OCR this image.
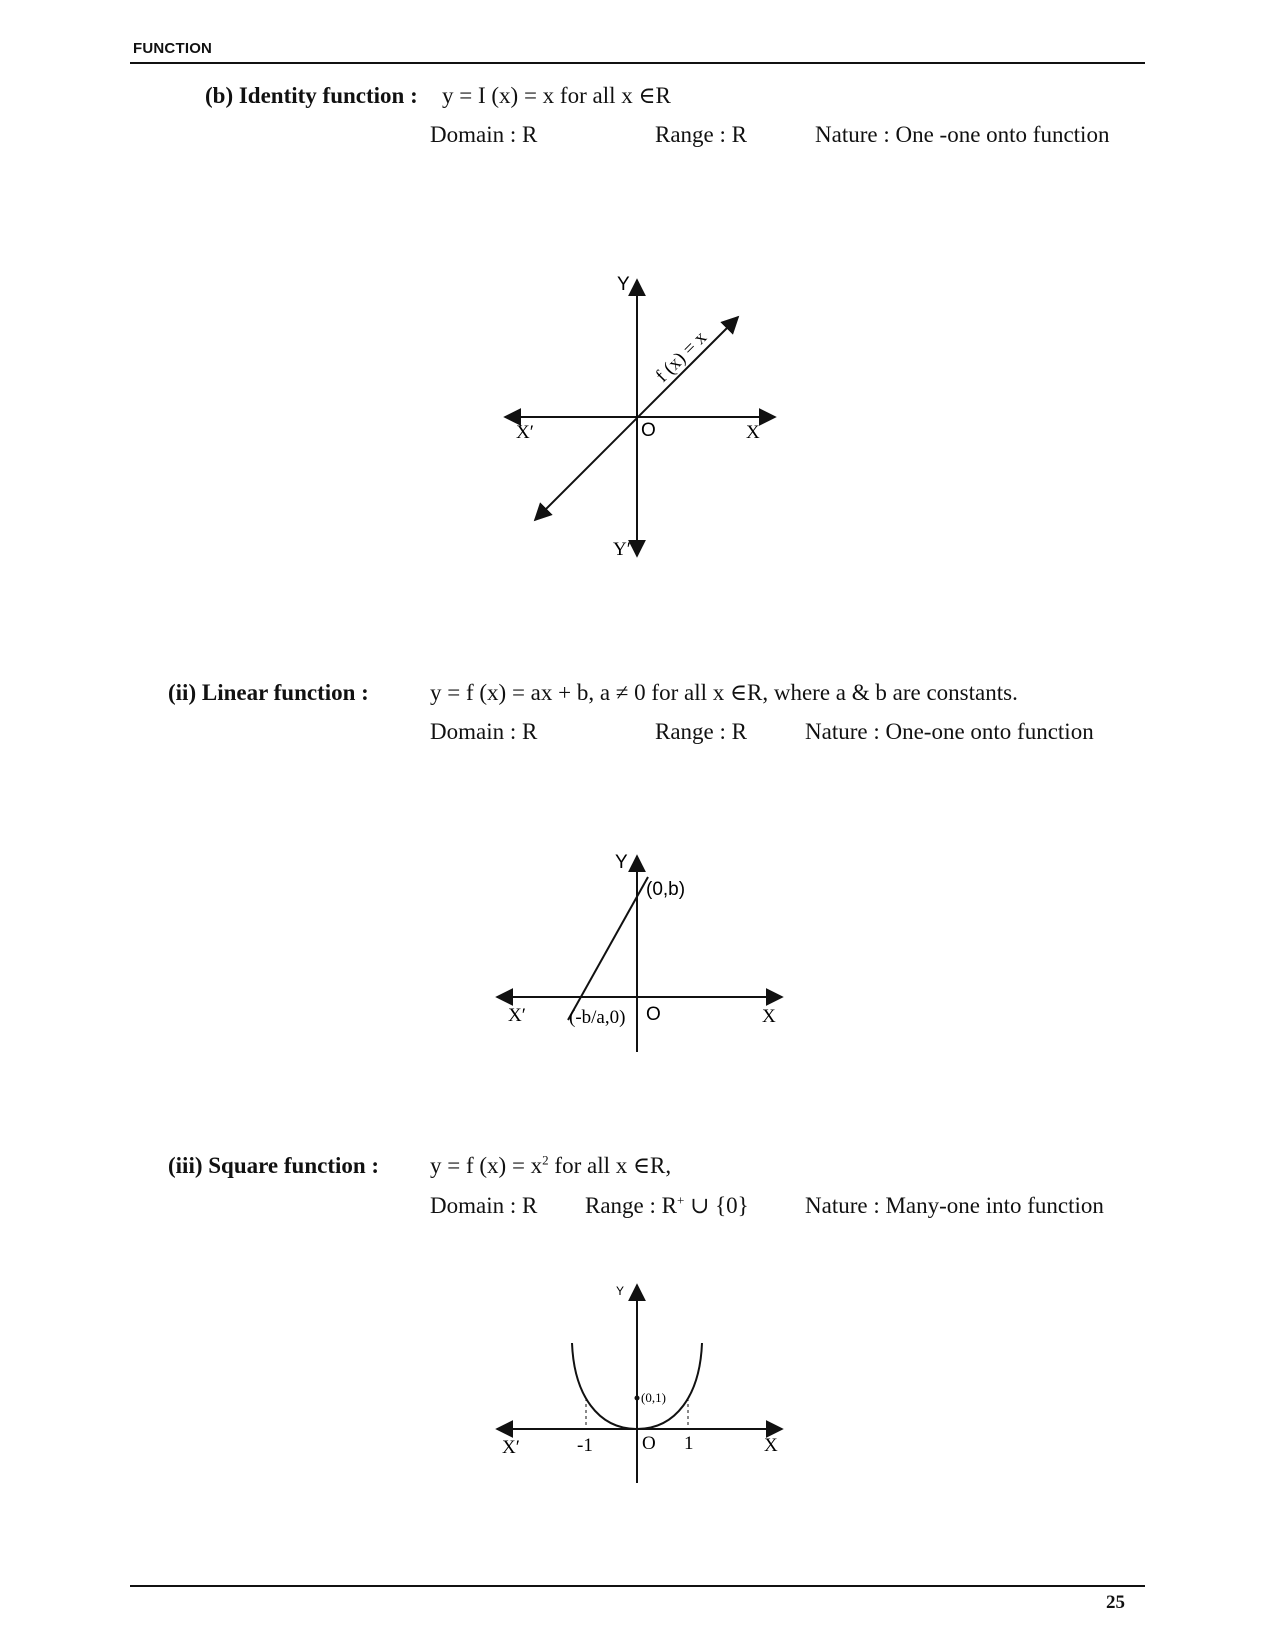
FUNCTION
(b) Identity function : y = I (x) = x for all x ∈R
Domain : R	Range : R	Nature : One -one onto function
(ii) Linear function :	y = f (x) = ax + b, a ≠ 0 for all x ∈R, where a & b are constants.
Domain : R	Range : R	Nature : One-one onto function
(iii) Square function : y = f $(x) = x^2$ for all x ∈R,
Domain : R Range : R+ ∪ {0} Nature : Many-one into function
Y
Y′
X
X′	O
f (x) = x
Y
(0,b)
(-b/a,0)
X′	O	X
Y
(0,1)
X′	-1	O 1	X
25
